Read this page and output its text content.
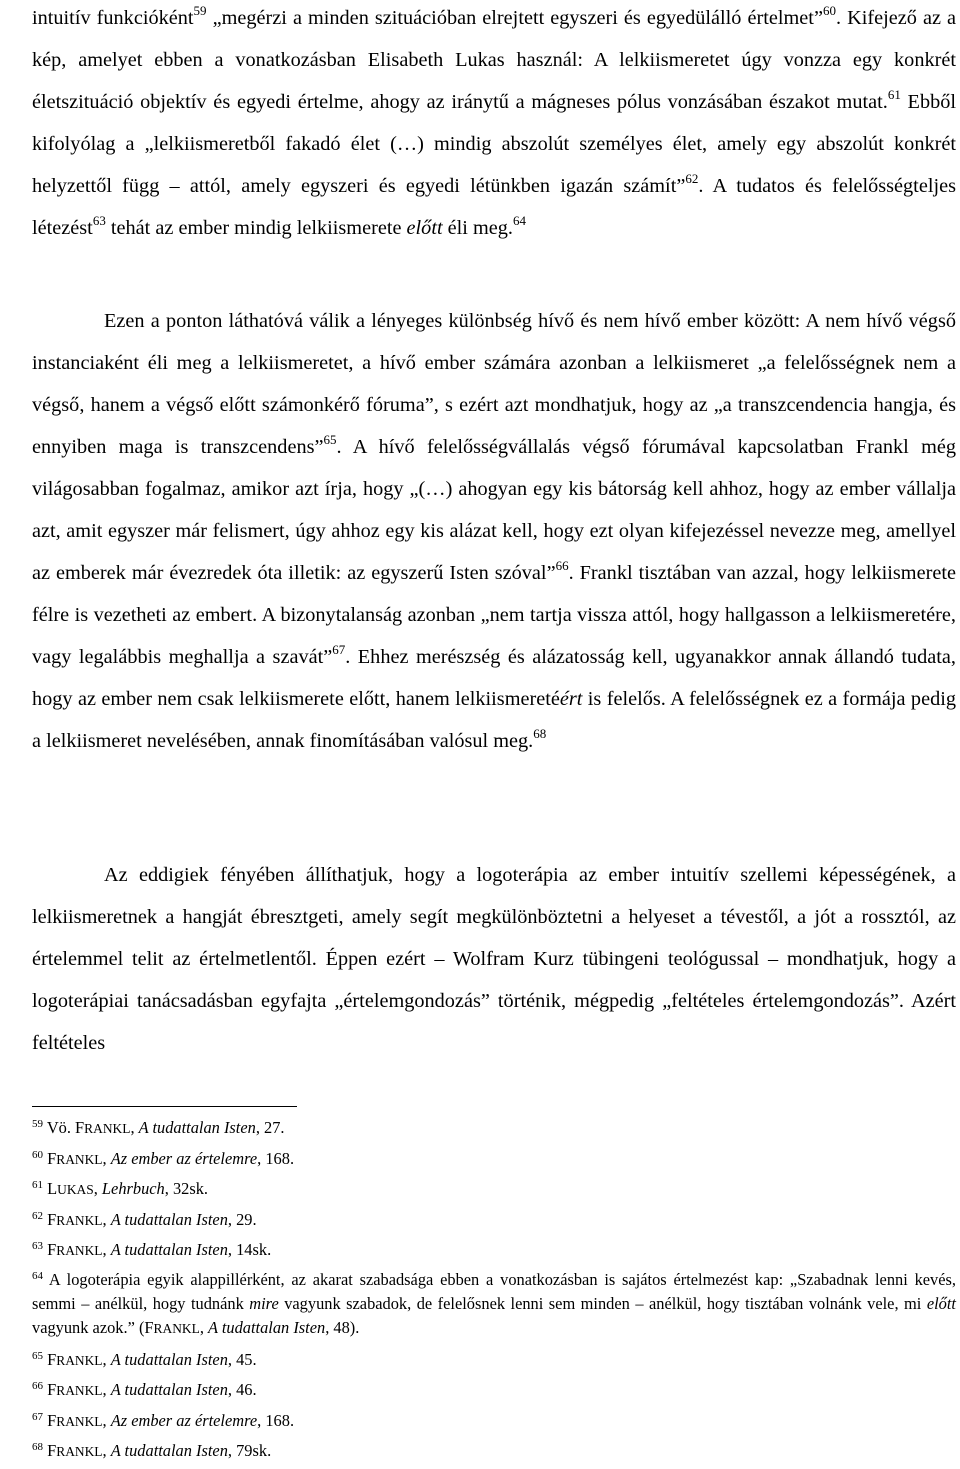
intuitív funkcióként$^{59}$ „megérzi a minden szituációban elrejtett egyszeri és egyedülálló értelmet”$^{60}$. Kifejező az a kép, amelyet ebben a vonatkozásban Elisabeth Lukas használ: A lelkiismeretet úgy vonzza egy konkrét életszituáció objektív és egyedi értelme, ahogy az iránytű a mágneses pólus vonzásában északot mutat.$^{61}$ Ebből kifolyólag a „lelkiismeretből fakadó élet (…) mindig abszolút személyes élet, amely egy abszolút konkrét helyzettől függ – attól, amely egyszeri és egyedi létünkben igazán számít”$^{62}$. A tudatos és felelősségteljes létezést$^{63}$ tehát az ember mindig lelkiismerete előtt éli meg.$^{64}$

Ezen a ponton láthatóvá válik a lényeges különbség hívő és nem hívő ember között: A nem hívő végső instanciaként éli meg a lelkiismeretet, a hívő ember számára azonban a lelkiismeret „a felelősségnek nem a végső, hanem a végső előtt számonkérő fóruma”, s ezért azt mondhatjuk, hogy az „a transzcendencia hangja, és ennyiben maga is transzcendens”$^{65}$. A hívő felelősségvállalás végső fórumával kapcsolatban Frankl még világosabban fogalmaz, amikor azt írja, hogy „(…) ahogyan egy kis bátorság kell ahhoz, hogy az ember vállalja azt, amit egyszer már felismert, úgy ahhoz egy kis alázat kell, hogy ezt olyan kifejezéssel nevezze meg, amellyel az emberek már évezredek óta illetik: az egyszerű Isten szóval”$^{66}$. Frankl tisztában van azzal, hogy lelkiismerete félre is vezetheti az embert. A bizonytalanság azonban „nem tartja vissza attól, hogy hallgasson a lelkiismeretére, vagy legalábbis meghallja a szavát”$^{67}$. Ehhez merészség és alázatosság kell, ugyanakkor annak állandó tudata, hogy az ember nem csak lelkiismerete előtt, hanem lelkiismeretéért is felelős. A felelősségnek ez a formája pedig a lelkiismeret nevelésében, annak finomításában valósul meg.$^{68}$

Az eddigiek fényében állíthatjuk, hogy a logoterápia az ember intuitív szellemi képességének, a lelkiismeretnek a hangját ébresztgeti, amely segít megkülönböztetni a helyeset a tévestől, a jót a rossztól, az értelemmel telit az értelmetlentől. Éppen ezért – Wolfram Kurz tübingeni teológussal – mondhatjuk, hogy a logoterápiai tanácsadásban egyfajta „értelemgondozás” történik, mégpedig „feltételes értelemgondozás”. Azért feltételes

$^{59}$ Vö. FRANKL, A tudattalan Isten, 27.

$^{60}$ FRANKL, Az ember az értelemre, 168.

$^{61}$ LUKAS, Lehrbuch, 32sk.

$^{62}$ FRANKL, A tudattalan Isten, 29.

$^{63}$ FRANKL, A tudattalan Isten, 14sk.

$^{64}$ A logoterápia egyik alappillérként, az akarat szabadsága ebben a vonatkozásban is sajátos értelmezést kap: „Szabadnak lenni kevés, semmi – anélkül, hogy tudnánk mire vagyunk szabadok, de felelősnek lenni sem minden – anélkül, hogy tisztában volnánk vele, mi előtt vagyunk azok.” (FRANKL, A tudattalan Isten, 48).

$^{65}$ FRANKL, A tudattalan Isten, 45.

$^{66}$ FRANKL, A tudattalan Isten, 46.

$^{67}$ FRANKL, Az ember az értelemre, 168.

$^{68}$ FRANKL, A tudattalan Isten, 79sk.
